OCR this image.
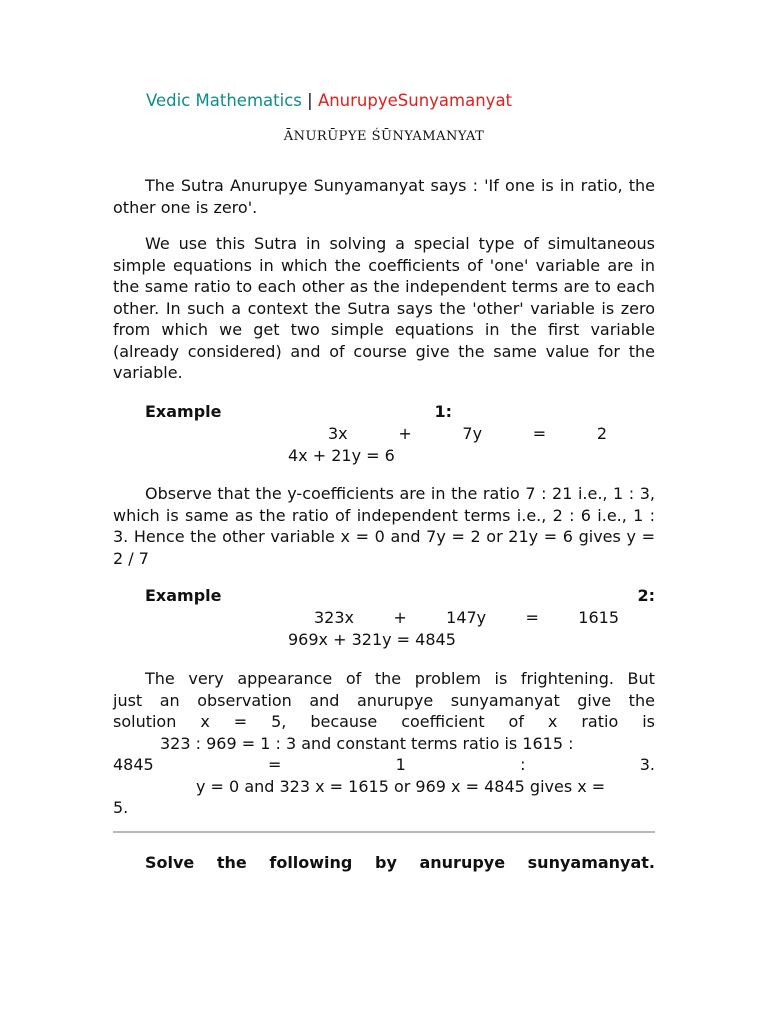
Vedic Mathematics | AnurupyeSunyamanyat
ĀNURŪPYE ŚŪNYAMANYAT

The Sutra Anurupye Sunyamanyat says : 'If one is in ratio, the other one is zero'.

We use this Sutra in solving a special type of simultaneous simple equations in which the coefficients of 'one' variable are in the same ratio to each other as the independent terms are to each other. In such a context the Sutra says the 'other' variable is zero from which we get two simple equations in the first variable (already considered) and of course give the same value for the variable.

Example	1:
3x	+	7y	=	2
4x + 21y = 6

Observe that the y-coefficients are in the ratio 7 : 21 i.e., 1 : 3, which is same as the ratio of independent terms i.e., 2 : 6 i.e., 1 : 3. Hence the other variable x = 0 and 7y = 2 or 21y = 6 gives y = 2 / 7

Example	2:
323x + 147y = 1615
969x + 321y = 4845
The very appearance of the problem is frightening. But
just an observation and anurupye sunyamanyat give the
solution x = 5, because coefficient of x ratio is
323 : 969 = 1 : 3 and constant terms ratio is 1615 :
4845	=	1	:	3.
y = 0 and 323 x = 1615 or 969 x = 4845 gives x =
5.
Solve the following by anurupye sunyamanyat.
